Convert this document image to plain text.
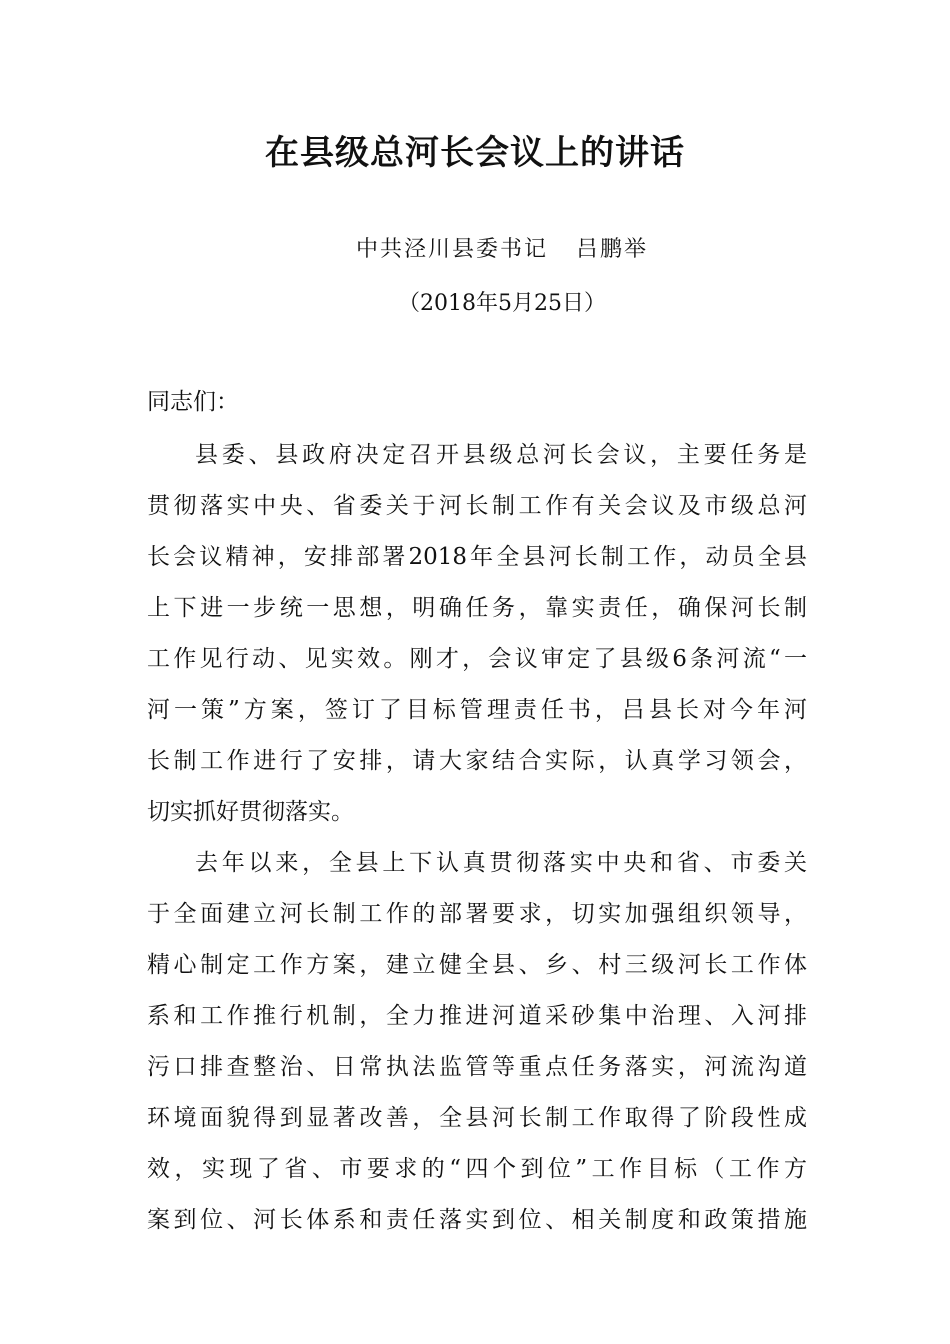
在县级总河长会议上的讲话
中共泾川县委书记 吕鹏举
（2018年5月25日）
同志们：
县委、县政府决定召开县级总河长会议，主要任务是
贯彻落实中央、省委关于河长制工作有关会议及市级总河
长会议精神，安排部署2018年全县河长制工作，动员全县
上下进一步统一思想，明确任务，靠实责任，确保河长制
工作见行动、见实效。刚才，会议审定了县级6条河流“一
河一策”方案，签订了目标管理责任书，吕县长对今年河
长制工作进行了安排，请大家结合实际，认真学习领会，
切实抓好贯彻落实。
去年以来，全县上下认真贯彻落实中央和省、市委关
于全面建立河长制工作的部署要求，切实加强组织领导，
精心制定工作方案，建立健全县、乡、村三级河长工作体
系和工作推行机制，全力推进河道采砂集中治理、入河排
污口排查整治、日常执法监管等重点任务落实，河流沟道
环境面貌得到显著改善，全县河长制工作取得了阶段性成
效，实现了省、市要求的“四个到位”工作目标（工作方
案到位、河长体系和责任落实到位、相关制度和政策措施
